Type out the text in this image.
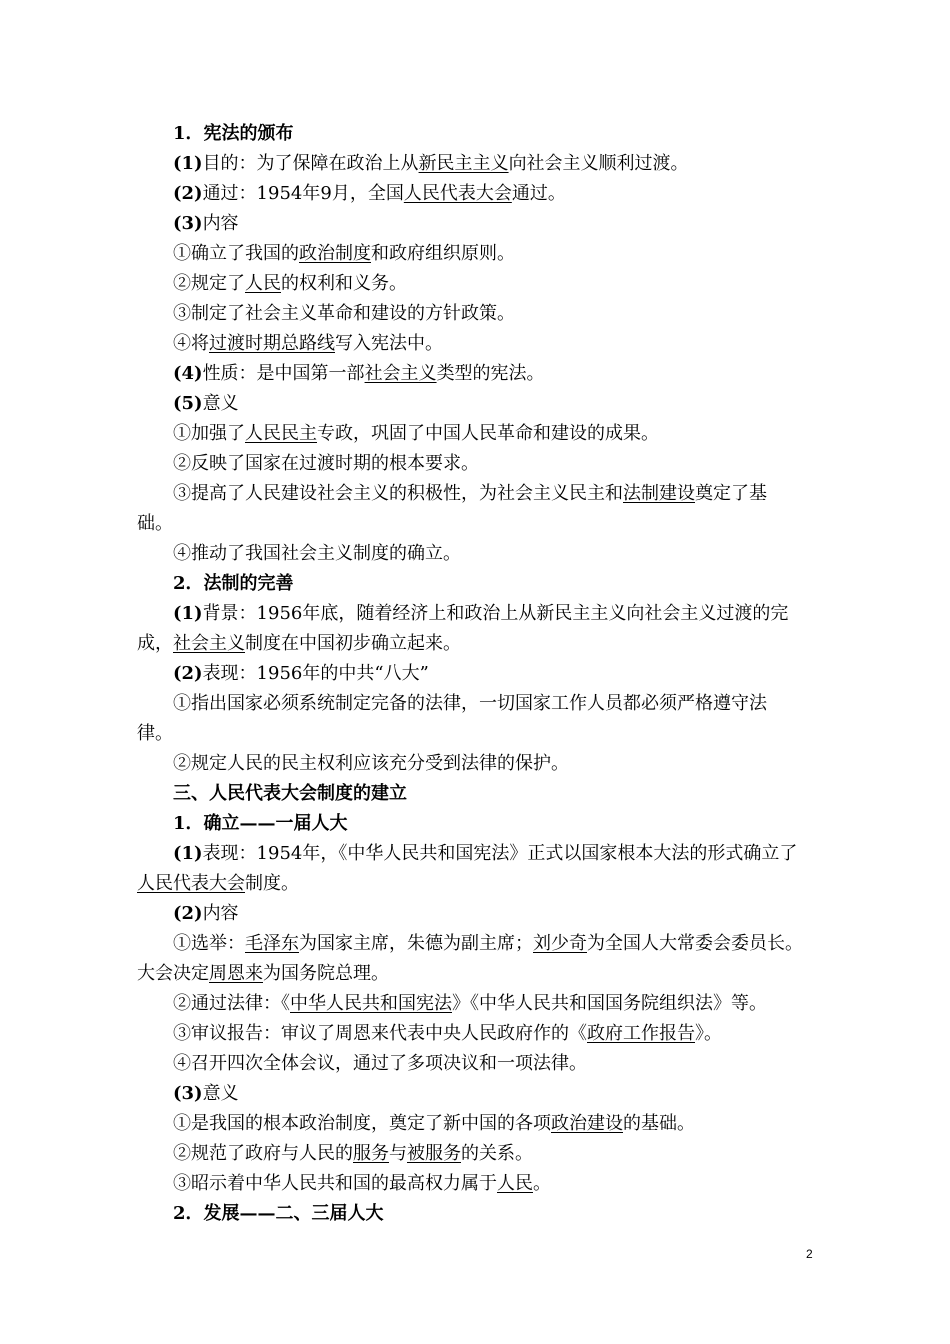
1．宪法的颁布
(1)目的：为了保障在政治上从新民主主义向社会主义顺利过渡。
(2)通过：1954年9月，全国人民代表大会通过。
(3)内容
①确立了我国的政治制度和政府组织原则。
②规定了人民的权利和义务。
③制定了社会主义革命和建设的方针政策。
④将过渡时期总路线写入宪法中。
(4)性质：是中国第一部社会主义类型的宪法。
(5)意义
①加强了人民民主专政，巩固了中国人民革命和建设的成果。
②反映了国家在过渡时期的根本要求。
③提高了人民建设社会主义的积极性，为社会主义民主和法制建设奠定了基
础。
④推动了我国社会主义制度的确立。
2．法制的完善
(1)背景：1956年底，随着经济上和政治上从新民主主义向社会主义过渡的完
成，社会主义制度在中国初步确立起来。
(2)表现：1956年的中共“八大”
①指出国家必须系统制定完备的法律，一切国家工作人员都必须严格遵守法
律。
②规定人民的民主权利应该充分受到法律的保护。
三、人民代表大会制度的建立
1．确立——一届人大
(1)表现：1954年，《中华人民共和国宪法》正式以国家根本大法的形式确立了
人民代表大会制度。
(2)内容
①选举：毛泽东为国家主席，朱德为副主席；刘少奇为全国人大常委会委员长。
大会决定周恩来为国务院总理。
②通过法律：《中华人民共和国宪法》《中华人民共和国国务院组织法》等。
③审议报告：审议了周恩来代表中央人民政府作的《政府工作报告》。
④召开四次全体会议，通过了多项决议和一项法律。
(3)意义
①是我国的根本政治制度，奠定了新中国的各项政治建设的基础。
②规范了政府与人民的服务与被服务的关系。
③昭示着中华人民共和国的最高权力属于人民。
2．发展——二、三届人大
2
